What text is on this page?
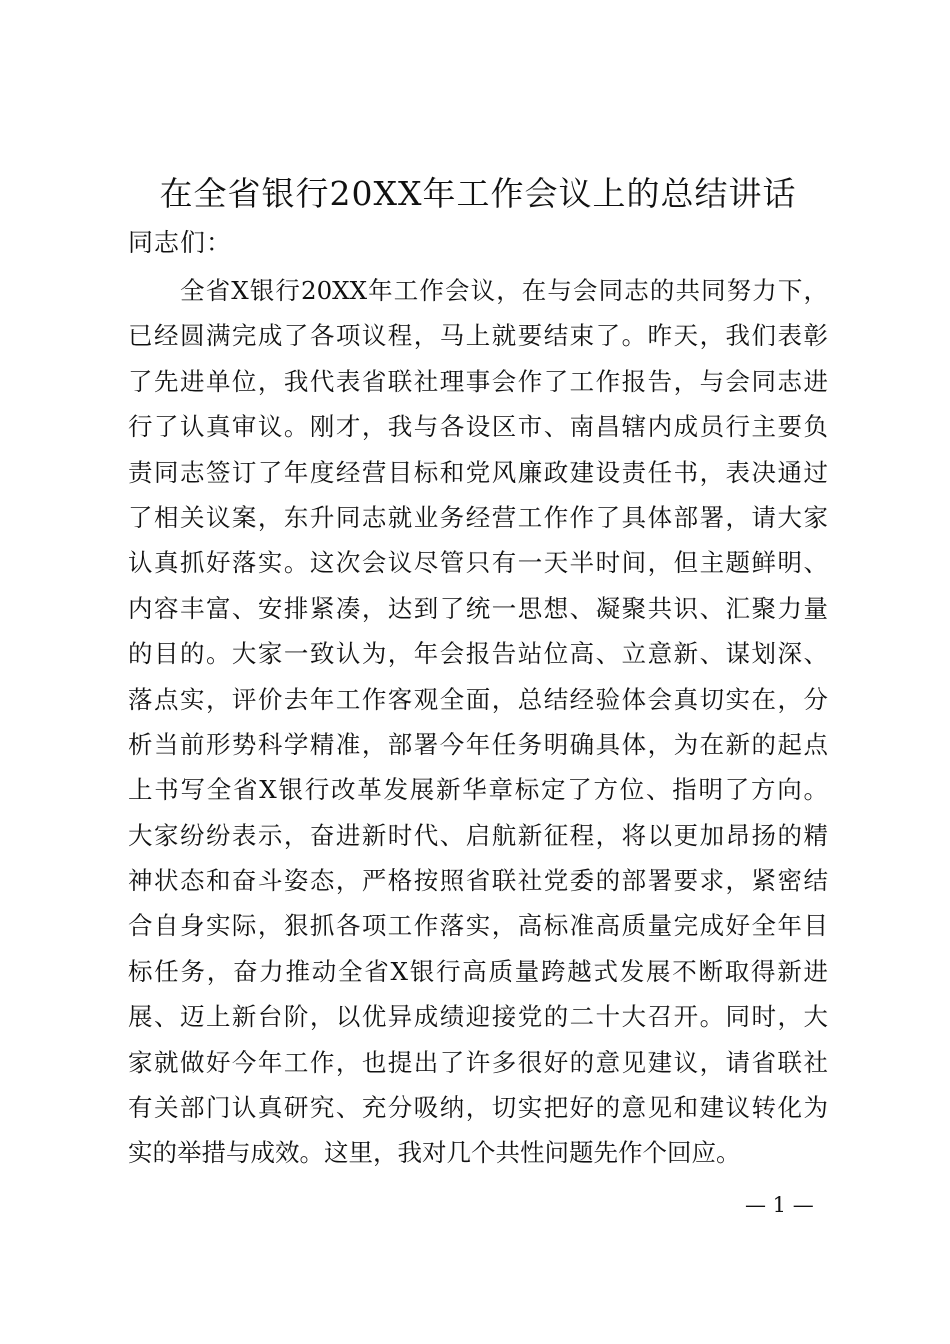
在全省银行20XX年工作会议上的总结讲话
同志们：
全省X银行20XX年工作会议，在与会同志的共同努力下，
已经圆满完成了各项议程，马上就要结束了。昨天，我们表彰
了先进单位，我代表省联社理事会作了工作报告，与会同志进
行了认真审议。刚才，我与各设区市、南昌辖内成员行主要负
责同志签订了年度经营目标和党风廉政建设责任书，表决通过
了相关议案，东升同志就业务经营工作作了具体部署，请大家
认真抓好落实。这次会议尽管只有一天半时间，但主题鲜明、
内容丰富、安排紧凑，达到了统一思想、凝聚共识、汇聚力量
的目的。大家一致认为，年会报告站位高、立意新、谋划深、
落点实，评价去年工作客观全面，总结经验体会真切实在，分
析当前形势科学精准，部署今年任务明确具体，为在新的起点
上书写全省X银行改革发展新华章标定了方位、指明了方向。
大家纷纷表示，奋进新时代、启航新征程，将以更加昂扬的精
神状态和奋斗姿态，严格按照省联社党委的部署要求，紧密结
合自身实际，狠抓各项工作落实，高标准高质量完成好全年目
标任务，奋力推动全省X银行高质量跨越式发展不断取得新进
展、迈上新台阶，以优异成绩迎接党的二十大召开。同时，大
家就做好今年工作，也提出了许多很好的意见建议，请省联社
有关部门认真研究、充分吸纳，切实把好的意见和建议转化为
实的举措与成效。这里，我对几个共性问题先作个回应。
— 1 —
